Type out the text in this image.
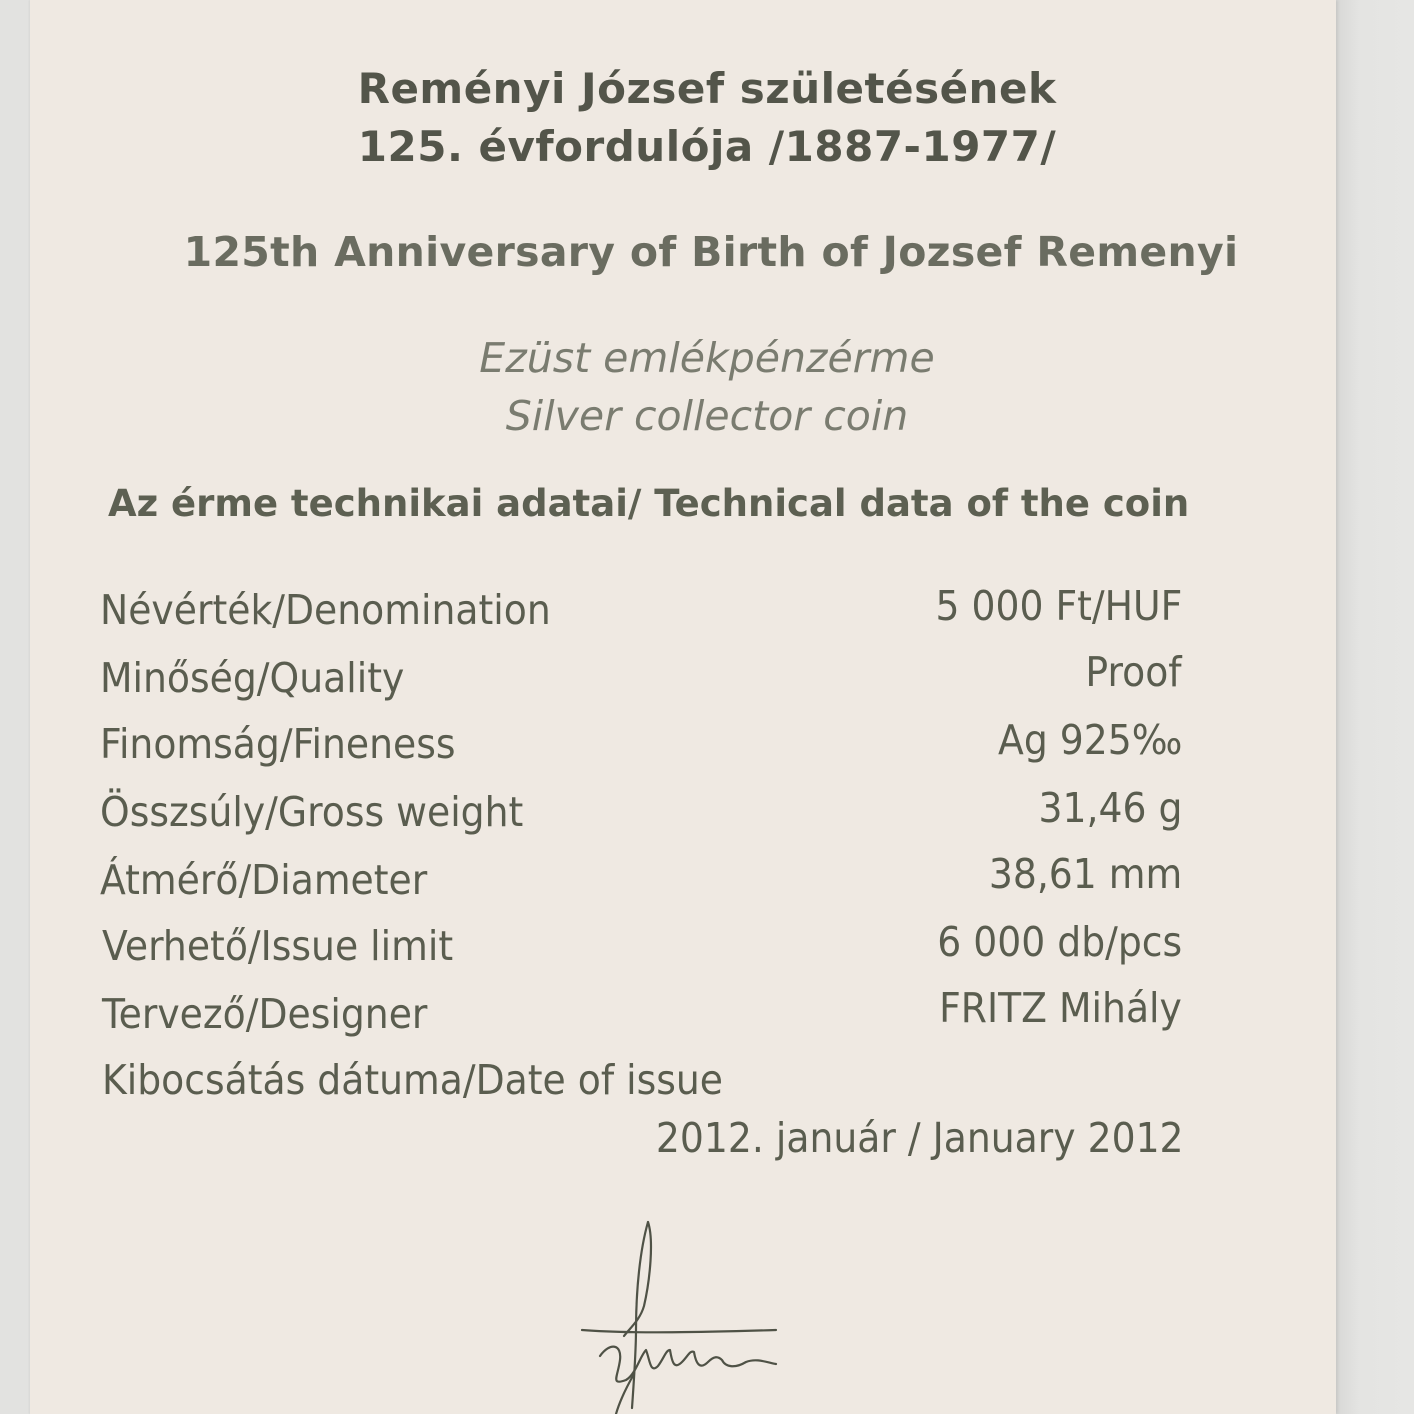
Reményi József születésének
125. évfordulója /1887-1977/
125th Anniversary of Birth of Jozsef Remenyi
Ezüst emlékpénzérme
Silver collector coin
Az érme technikai adatai/ Technical data of the coin
Névérték/Denomination	5 000 Ft/HUF
Minőség/Quality	Proof
Finomság/Fineness	Ag 925‰
Összsúly/Gross weight	31,46 g
Átmérő/Diameter	38,61 mm
Verhető/Issue limit	6 000 db/pcs
Tervező/Designer	FRITZ Mihály
Kibocsátás dátuma/Date of issue
2012. január / January 2012
